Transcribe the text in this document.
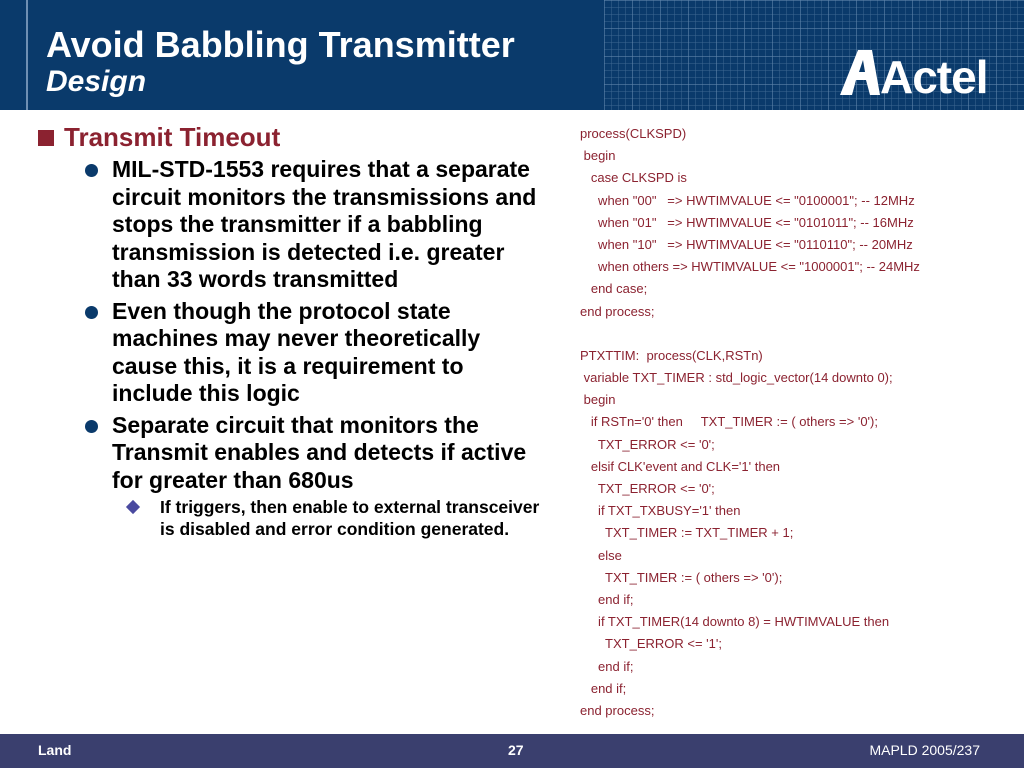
Avoid Babbling Transmitter
Design	Actel
Transmit Timeout
MIL-STD-1553 requires that a separate circuit monitors the transmissions and stops the transmitter if a babbling transmission is detected i.e. greater than 33 words transmitted
Even though the protocol state machines may never theoretically cause this, it is a requirement to include this logic
Separate circuit that monitors the Transmit enables and detects if active for greater than 680us
If triggers, then enable to external transceiver is disabled and error condition generated.
process(CLKSPD)
begin
case CLKSPD is
when "00"   => HWTIMVALUE <= "0100001"; -- 12MHz
when "01"   => HWTIMVALUE <= "0101011"; -- 16MHz
when "10"   => HWTIMVALUE <= "0110110"; -- 20MHz
when others => HWTIMVALUE <= "1000001"; -- 24MHz
end case;
end process;
PTXTTIM:  process(CLK,RSTn)
variable TXT_TIMER : std_logic_vector(14 downto 0);
begin
if RSTn='0' then     TXT_TIMER := ( others => '0');
TXT_ERROR <= '0';
elsif CLK'event and CLK='1' then
TXT_ERROR <= '0';
if TXT_TXBUSY='1' then
TXT_TIMER := TXT_TIMER + 1;
else
TXT_TIMER := ( others => '0');
end if;
if TXT_TIMER(14 downto 8) = HWTIMVALUE then
TXT_ERROR <= '1';
end if;
end if;
end process;
Land	27	MAPLD 2005/237
